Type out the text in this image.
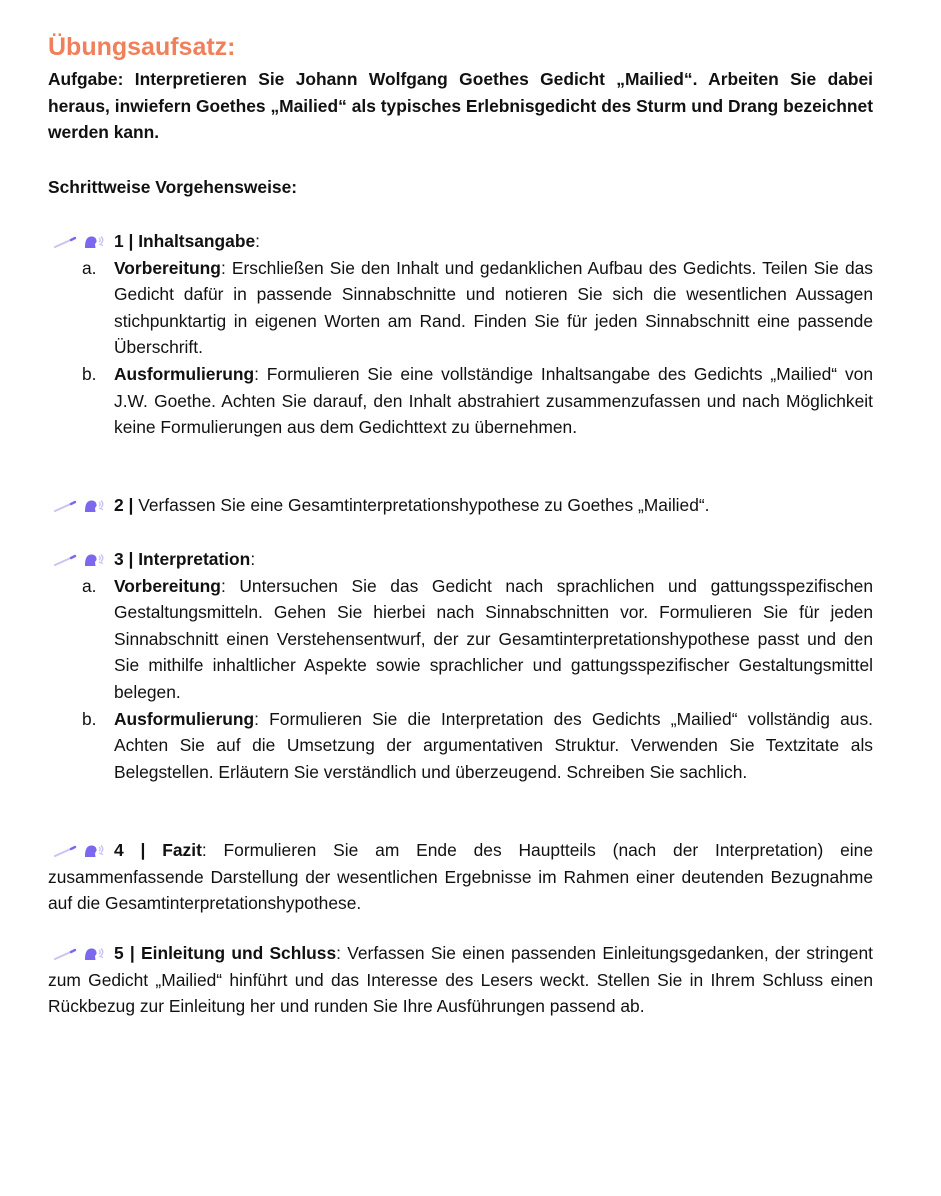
Übungsaufsatz:
Aufgabe: Interpretieren Sie Johann Wolfgang Goethes Gedicht „Mailied“. Arbeiten Sie dabei heraus, inwiefern Goethes „Mailied“ als typisches Erlebnisgedicht des Sturm und Drang bezeichnet werden kann.
Schrittweise Vorgehensweise:
1 | Inhaltsangabe:
a. Vorbereitung: Erschließen Sie den Inhalt und gedanklichen Aufbau des Gedichts. Teilen Sie das Gedicht dafür in passende Sinnabschnitte und notieren Sie sich die wesentlichen Aussagen stichpunktartig in eigenen Worten am Rand. Finden Sie für jeden Sinnabschnitt eine passende Überschrift.
b. Ausformulierung: Formulieren Sie eine vollständige Inhaltsangabe des Gedichts „Mailied“ von J.W. Goethe. Achten Sie darauf, den Inhalt abstrahiert zusammenzufassen und nach Möglichkeit keine Formulierungen aus dem Gedichttext zu übernehmen.
2 | Verfassen Sie eine Gesamtinterpretationshypothese zu Goethes „Mailied“.
3 | Interpretation:
a. Vorbereitung: Untersuchen Sie das Gedicht nach sprachlichen und gattungsspezifischen Gestaltungsmitteln. Gehen Sie hierbei nach Sinnabschnitten vor. Formulieren Sie für jeden Sinnabschnitt einen Verstehensentwurf, der zur Gesamtinterpretationshypothese passt und den Sie mithilfe inhaltlicher Aspekte sowie sprachlicher und gattungsspezifischer Gestaltungsmittel belegen.
b. Ausformulierung: Formulieren Sie die Interpretation des Gedichts „Mailied“ vollständig aus. Achten Sie auf die Umsetzung der argumentativen Struktur. Verwenden Sie Textzitate als Belegstellen. Erläutern Sie verständlich und überzeugend. Schreiben Sie sachlich.
4 | Fazit: Formulieren Sie am Ende des Hauptteils (nach der Interpretation) eine zusammenfassende Darstellung der wesentlichen Ergebnisse im Rahmen einer deutenden Bezugnahme auf die Gesamtinterpretationshypothese.
5 | Einleitung und Schluss: Verfassen Sie einen passenden Einleitungsgedanken, der stringent zum Gedicht „Mailied“ hinführt und das Interesse des Lesers weckt. Stellen Sie in Ihrem Schluss einen Rückbezug zur Einleitung her und runden Sie Ihre Ausführungen passend ab.
